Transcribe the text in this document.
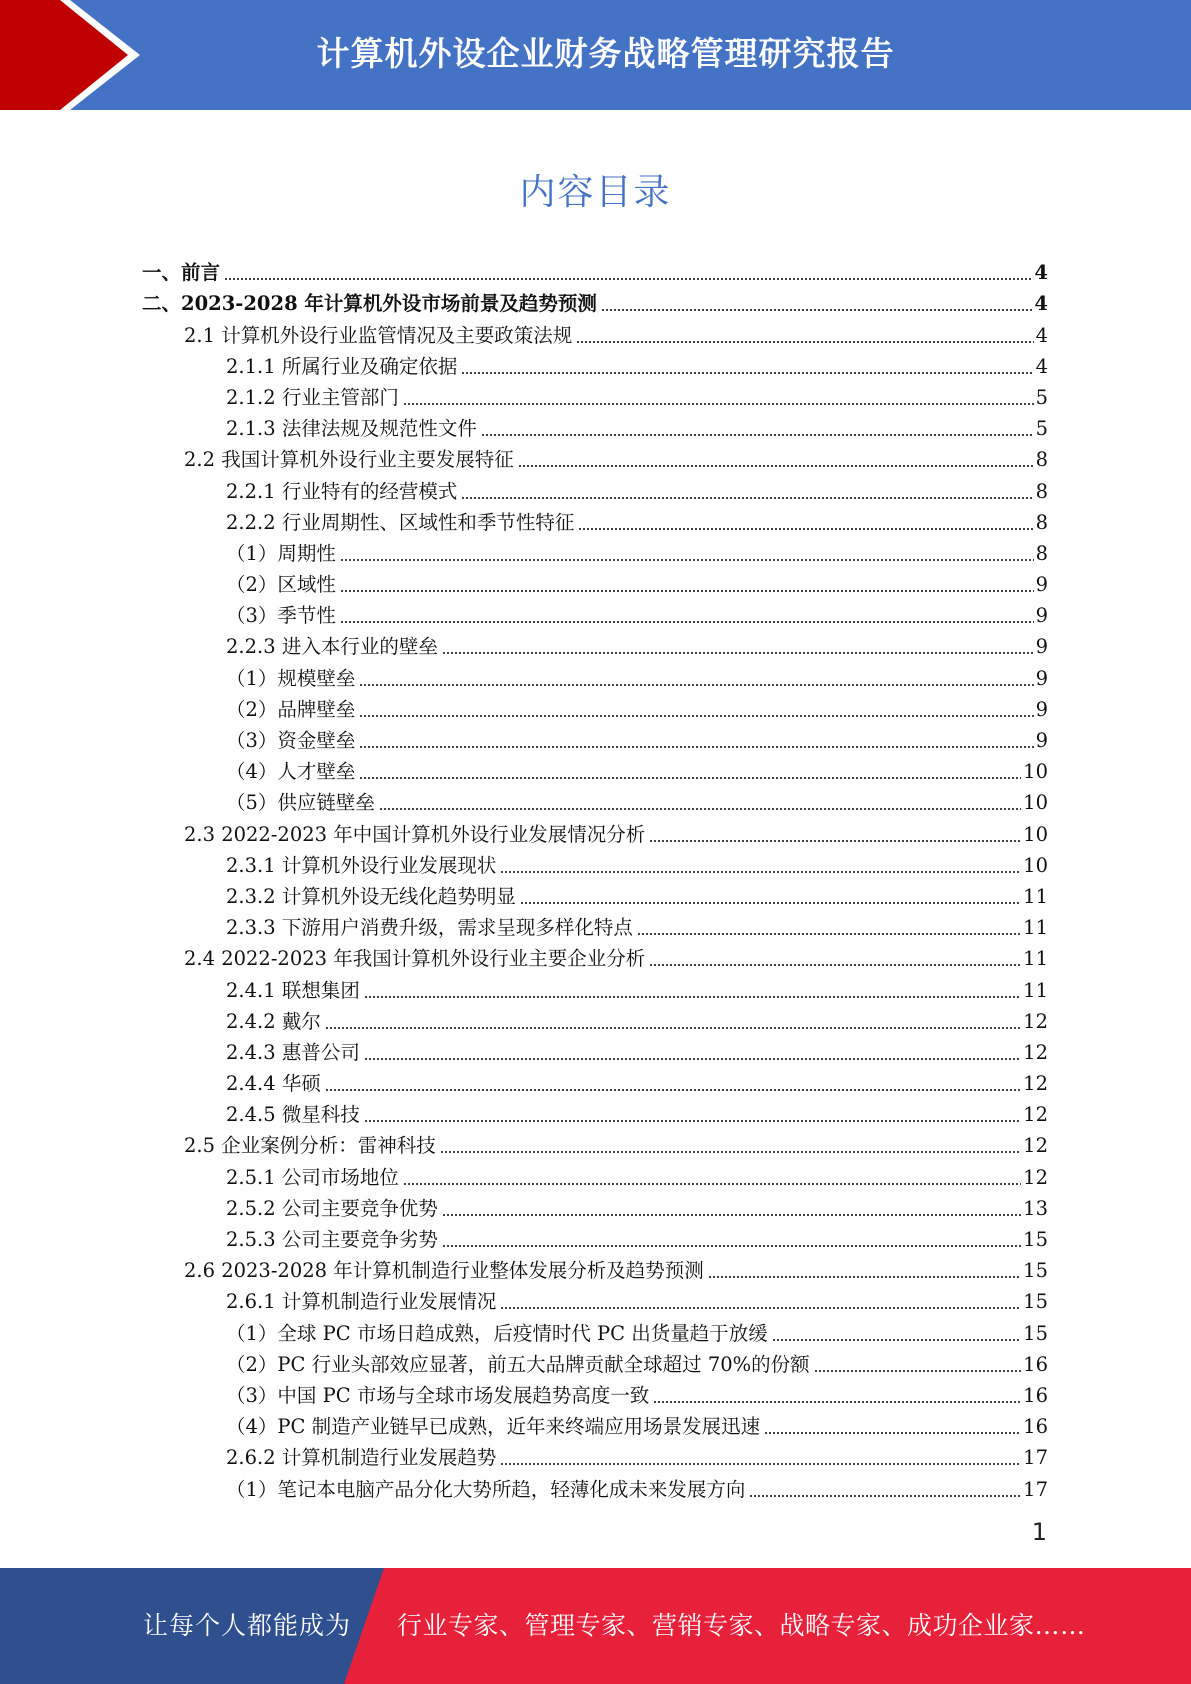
计算机外设企业财务战略管理研究报告
内容目录
一、前言	4
二、2023-2028 年计算机外设市场前景及趋势预测	4
2.1 计算机外设行业监管情况及主要政策法规	4
2.1.1 所属行业及确定依据	4
2.1.2 行业主管部门	5
2.1.3 法律法规及规范性文件	5
2.2 我国计算机外设行业主要发展特征	8
2.2.1 行业特有的经营模式	8
2.2.2 行业周期性、区域性和季节性特征	8
（1）周期性	8
（2）区域性	9
（3）季节性	9
2.2.3 进入本行业的壁垒	9
（1）规模壁垒	9
（2）品牌壁垒	9
（3）资金壁垒	9
（4）人才壁垒	10
（5）供应链壁垒	10
2.3 2022-2023 年中国计算机外设行业发展情况分析	10
2.3.1 计算机外设行业发展现状	10
2.3.2 计算机外设无线化趋势明显	11
2.3.3 下游用户消费升级，需求呈现多样化特点	11
2.4 2022-2023 年我国计算机外设行业主要企业分析	11
2.4.1 联想集团	11
2.4.2 戴尔	12
2.4.3 惠普公司	12
2.4.4 华硕	12
2.4.5 微星科技	12
2.5 企业案例分析：雷神科技	12
2.5.1 公司市场地位	12
2.5.2 公司主要竞争优势	13
2.5.3 公司主要竞争劣势	15
2.6 2023-2028 年计算机制造行业整体发展分析及趋势预测	15
2.6.1 计算机制造行业发展情况	15
（1）全球 PC 市场日趋成熟，后疫情时代 PC 出货量趋于放缓	15
（2）PC 行业头部效应显著，前五大品牌贡献全球超过 70%的份额	16
（3）中国 PC 市场与全球市场发展趋势高度一致	16
（4）PC 制造产业链早已成熟，近年来终端应用场景发展迅速	16
2.6.2 计算机制造行业发展趋势	17
（1）笔记本电脑产品分化大势所趋，轻薄化成未来发展方向	17
1
让每个人都能成为 行业专家、管理专家、营销专家、战略专家、成功企业家……
